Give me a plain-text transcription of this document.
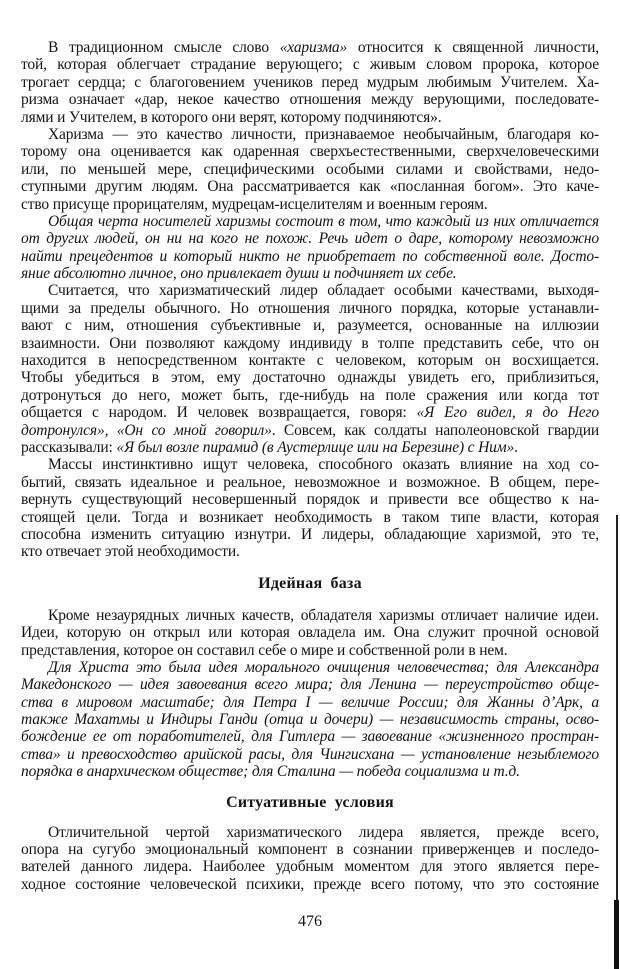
В традиционном смысле слово «харизма» относится к священной личности,
той, которая облегчает страдание верующего; с живым словом пророка, которое
трогает сердца; с благоговением учеников перед мудрым любимым Учителем. Ха-
ризма означает «дар, некое качество отношения между верующими, последовате-
лями и Учителем, в которого они верят, которому подчиняются».
Харизма — это качество личности, признаваемое необычайным, благодаря ко-
торому она оценивается как одаренная сверхъестественными, сверхчеловеческими
или, по меньшей мере, специфическими особыми силами и свойствами, недо-
ступными другим людям. Она рассматривается как «посланная богом». Это каче-
ство присуще прорицателям, мудрецам-исцелителям и военным героям.
Общая черта носителей харизмы состоит в том, что каждый из них отличается
от других людей, он ни на кого не похож. Речь идет о даре, которому невозможно
найти прецедентов и который никто не приобретает по собственной воле. Досто-
яние абсолютно личное, оно привлекает души и подчиняет их себе.
Считается, что харизматический лидер обладает особыми качествами, выходя-
щими за пределы обычного. Но отношения личного порядка, которые устанавли-
вают с ним, отношения субъективные и, разумеется, основанные на иллюзии
взаимности. Они позволяют каждому индивиду в толпе представить себе, что он
находится в непосредственном контакте с человеком, которым он восхищается.
Чтобы убедиться в этом, ему достаточно однажды увидеть его, приблизиться,
дотронуться до него, может быть, где-нибудь на поле сражения или когда тот
общается с народом. И человек возвращается, говоря: «Я Его видел, я до Него
дотронулся», «Он со мной говорил». Совсем, как солдаты наполеоновской гвардии
рассказывали: «Я был возле пирамид (в Аустерлице или на Березине) с Ним».
Массы инстинктивно ищут человека, способного оказать влияние на ход со-
бытий, связать идеальное и реальное, невозможное и возможное. В общем, пере-
вернуть существующий несовершенный порядок и привести все общество к на-
стоящей цели. Тогда и возникает необходимость в таком типе власти, которая
способна изменить ситуацию изнутри. И лидеры, обладающие харизмой, это те,
кто отвечает этой необходимости.
Идейная база
Кроме незаурядных личных качеств, обладателя харизмы отличает наличие идеи.
Идеи, которую он открыл или которая овладела им. Она служит прочной основой
представления, которое он составил себе о мире и собственной роли в нем.
Для Христа это была идея морального очищения человечества; для Александра
Македонского — идея завоевания всего мира; для Ленина — переустройство обще-
ства в мировом масштабе; для Петра I — величие России; для Жанны д’Арк, а
также Махатмы и Индиры Ганди (отца и дочери) — независимость страны, осво-
бождение ее от поработителей, для Гитлера — завоевание «жизненного простран-
ства» и превосходство арийской расы, для Чингисхана — установление незыблемого
порядка в анархическом обществе; для Сталина — победа социализма и т.д.
Ситуативные условия
Отличительной чертой харизматического лидера является, прежде всего,
опора на сугубо эмоциональный компонент в сознании приверженцев и последо-
вателей данного лидера. Наиболее удобным моментом для этого является пере-
ходное состояние человеческой психики, прежде всего потому, что это состояние
476
